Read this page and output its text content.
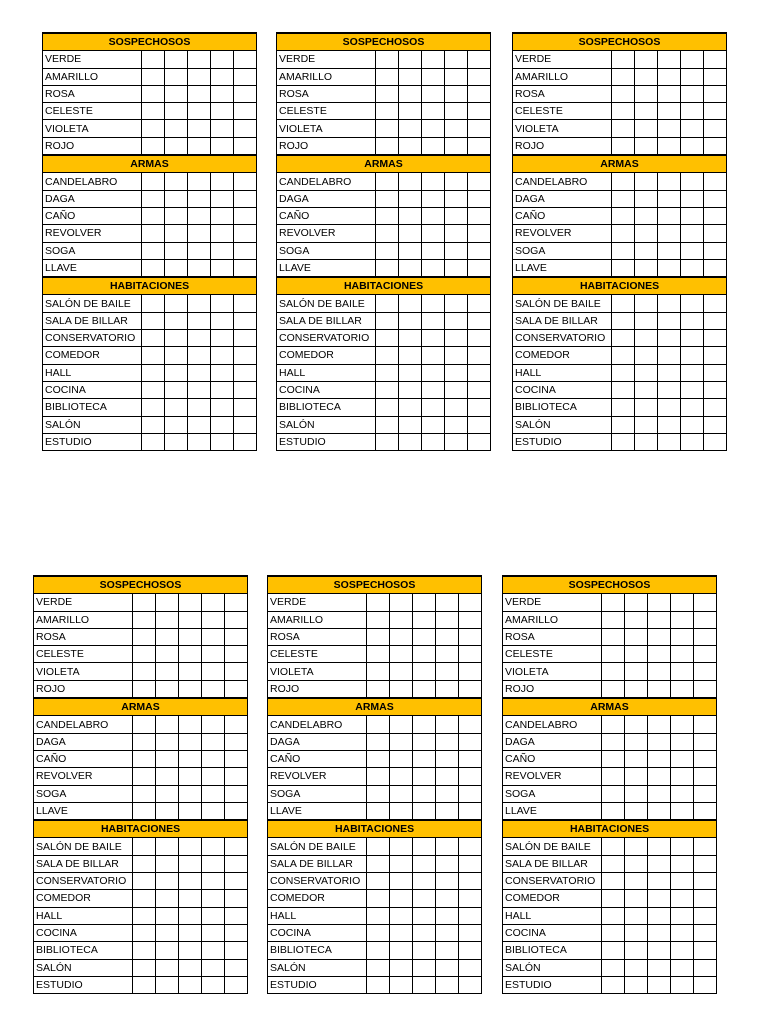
SOSPECHOSOS					
VERDE					
AMARILLO					
ROSA					
CELESTE					
VIOLETA					
ROJO					
ARMAS					
CANDELABRO					
DAGA					
CAÑO					
REVOLVER					
SOGA					
LLAVE					
HABITACIONES					
SALÓN DE BAILE					
SALA DE BILLAR					
CONSERVATORIO					
COMEDOR					
HALL					
COCINA					
BIBLIOTECA					
SALÓN					
ESTUDIO					
SOSPECHOSOS					
VERDE					
AMARILLO					
ROSA					
CELESTE					
VIOLETA					
ROJO					
ARMAS					
CANDELABRO					
DAGA					
CAÑO					
REVOLVER					
SOGA					
LLAVE					
HABITACIONES					
SALÓN DE BAILE					
SALA DE BILLAR					
CONSERVATORIO					
COMEDOR					
HALL					
COCINA					
BIBLIOTECA					
SALÓN					
ESTUDIO					
SOSPECHOSOS					
VERDE					
AMARILLO					
ROSA					
CELESTE					
VIOLETA					
ROJO					
ARMAS					
CANDELABRO					
DAGA					
CAÑO					
REVOLVER					
SOGA					
LLAVE					
HABITACIONES					
SALÓN DE BAILE					
SALA DE BILLAR					
CONSERVATORIO					
COMEDOR					
HALL					
COCINA					
BIBLIOTECA					
SALÓN					
ESTUDIO					
SOSPECHOSOS					
VERDE					
AMARILLO					
ROSA					
CELESTE					
VIOLETA					
ROJO					
ARMAS					
CANDELABRO					
DAGA					
CAÑO					
REVOLVER					
SOGA					
LLAVE					
HABITACIONES					
SALÓN DE BAILE					
SALA DE BILLAR					
CONSERVATORIO					
COMEDOR					
HALL					
COCINA					
BIBLIOTECA					
SALÓN					
ESTUDIO					
SOSPECHOSOS					
VERDE					
AMARILLO					
ROSA					
CELESTE					
VIOLETA					
ROJO					
ARMAS					
CANDELABRO					
DAGA					
CAÑO					
REVOLVER					
SOGA					
LLAVE					
HABITACIONES					
SALÓN DE BAILE					
SALA DE BILLAR					
CONSERVATORIO					
COMEDOR					
HALL					
COCINA					
BIBLIOTECA					
SALÓN					
ESTUDIO					
SOSPECHOSOS					
VERDE					
AMARILLO					
ROSA					
CELESTE					
VIOLETA					
ROJO					
ARMAS					
CANDELABRO					
DAGA					
CAÑO					
REVOLVER					
SOGA					
LLAVE					
HABITACIONES					
SALÓN DE BAILE					
SALA DE BILLAR					
CONSERVATORIO					
COMEDOR					
HALL					
COCINA					
BIBLIOTECA					
SALÓN					
ESTUDIO					
